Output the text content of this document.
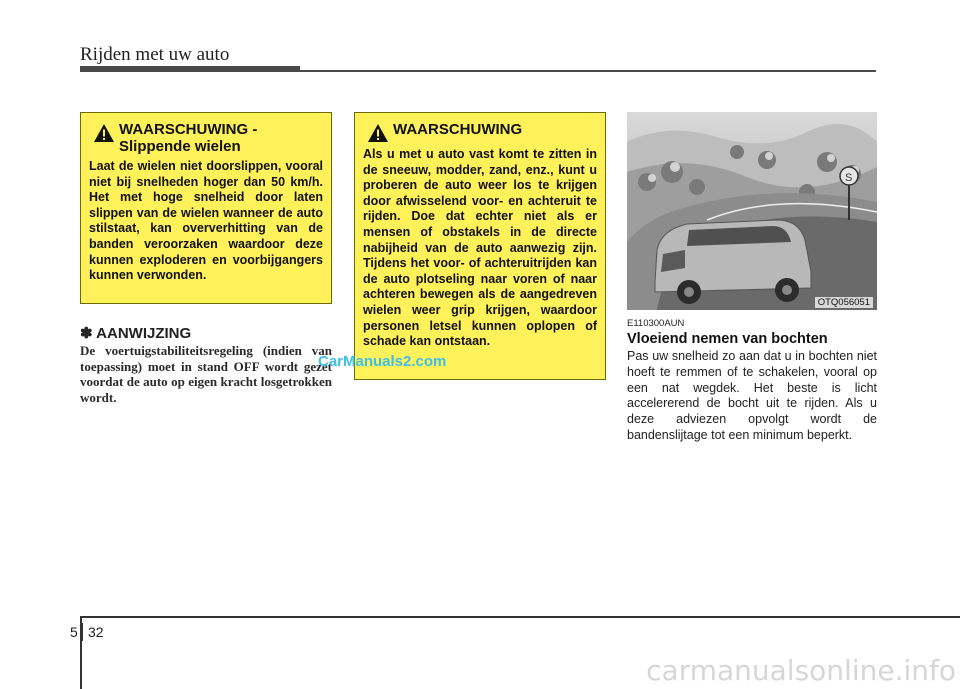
Rijden met uw auto
WAARSCHUWING -
Slippende wielen
Laat de wielen niet doorslippen, vooral niet bij snelheden hoger dan 50 km/h. Het met hoge snelheid door laten slippen van de wielen wanneer de auto stilstaat, kan oververhitting van de banden veroorzaken waardoor deze kunnen exploderen en voorbijgangers kunnen verwonden.
✽ AANWIJZING
De voertuigstabiliteitsregeling (indien van toepassing) moet in stand OFF wordt gezet voordat de auto op eigen kracht losgetrokken wordt.
WAARSCHUWING
Als u met u auto vast komt te zitten in de sneeuw, modder, zand, enz., kunt u proberen de auto weer los te krijgen door afwisselend voor- en achteruit te rijden. Doe dat echter niet als er mensen of obstakels in de directe nabijheid van de auto aanwezig zijn. Tijdens het voor- of achteruitrijden kan de auto plotseling naar voren of naar achteren bewegen als de aangedreven wielen weer grip krijgen, waardoor personen letsel kunnen oplopen of schade kan ontstaan.
CarManuals2.com
S
OTQ056051
E110300AUN
Vloeiend nemen van bochten
Pas uw snelheid zo aan dat u in bochten niet hoeft te remmen of te schakelen, vooral op een nat wegdek. Het beste is licht accelererend de bocht uit te rijden. Als u deze adviezen opvolgt wordt de bandenslijtage tot een minimum beperkt.
5 32
carmanualsonline.info
